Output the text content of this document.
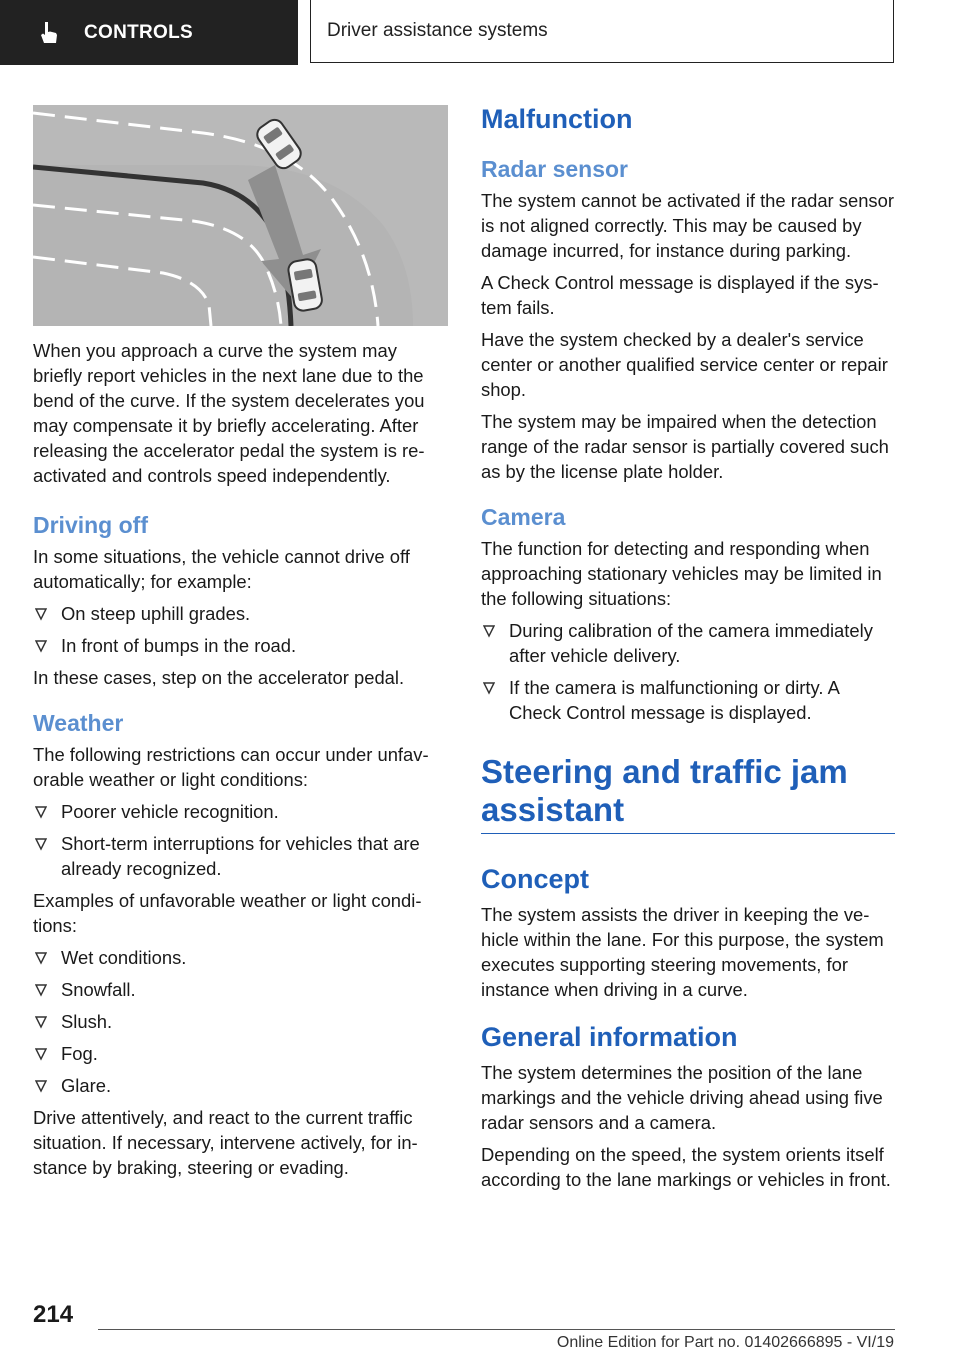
CONTROLS	Driver assistance systems

When you approach a curve the system may briefly report vehicles in the next lane due to the bend of the curve. If the system decelerates you may compensate it by briefly accelerating. After releasing the accelerator pedal the system is reactivated and controls speed independently.

Driving off

In some situations, the vehicle cannot drive off automatically; for example:

On steep uphill grades.
In front of bumps in the road.

In these cases, step on the accelerator pedal.

Weather

The following restrictions can occur under unfavorable weather or light conditions:

Poorer vehicle recognition.
Short-term interruptions for vehicles that are already recognized.

Examples of unfavorable weather or light conditions:

Wet conditions.
Snowfall.
Slush.
Fog.
Glare.

Drive attentively, and react to the current traffic situation. If necessary, intervene actively, for instance by braking, steering or evading.

Malfunction
Radar sensor

The system cannot be activated if the radar sensor is not aligned correctly. This may be caused by damage incurred, for instance during parking.

A Check Control message is displayed if the system fails.

Have the system checked by a dealer's service center or another qualified service center or repair shop.

The system may be impaired when the detection range of the radar sensor is partially covered such as by the license plate holder.

Camera

The function for detecting and responding when approaching stationary vehicles may be limited in the following situations:

During calibration of the camera immediately after vehicle delivery.
If the camera is malfunctioning or dirty. A Check Control message is displayed.
Steering and traffic jam assistant
Concept

The system assists the driver in keeping the vehicle within the lane. For this purpose, the system executes supporting steering movements, for instance when driving in a curve.

General information

The system determines the position of the lane markings and the vehicle driving ahead using five radar sensors and a camera.

Depending on the speed, the system orients itself according to the lane markings or vehicles in front.

214
Online Edition for Part no. 01402666895 - VI/19
